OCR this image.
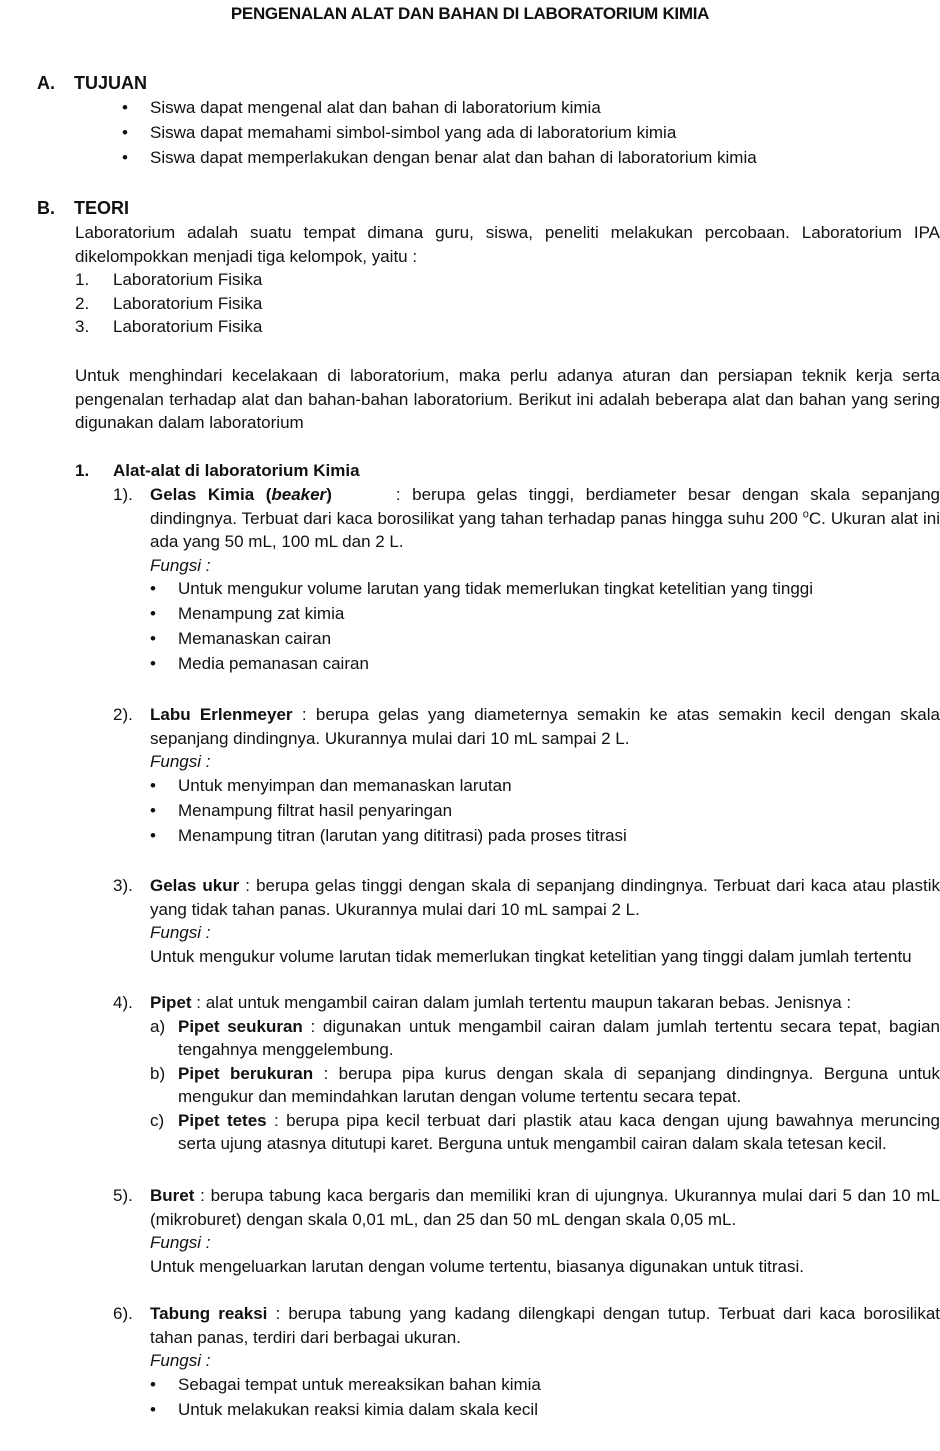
PENGENALAN ALAT DAN BAHAN DI LABORATORIUM KIMIA
A. TUJUAN

• Siswa dapat mengenal alat dan bahan di laboratorium kimia

• Siswa dapat memahami simbol-simbol yang ada di laboratorium kimia

• Siswa dapat memperlakukan dengan benar alat dan bahan di laboratorium kimia

B. TEORI

Laboratorium adalah suatu tempat dimana guru, siswa, peneliti melakukan percobaan. Laboratorium IPA dikelompokkan menjadi tiga kelompok, yaitu :

1. Laboratorium Fisika

2. Laboratorium Fisika

3. Laboratorium Fisika

Untuk menghindari kecelakaan di laboratorium, maka perlu adanya aturan dan persiapan teknik kerja serta pengenalan terhadap alat dan bahan-bahan laboratorium. Berikut ini adalah beberapa alat dan bahan yang sering digunakan dalam laboratorium
1. Alat-alat di laboratorium Kimia
1). Gelas Kimia (beaker)	: berupa gelas tinggi, berdiameter besar dengan skala sepanjang dindingnya. Terbuat dari kaca borosilikat yang tahan terhadap panas hingga suhu 200 $^o$C. Ukuran alat ini ada yang 50 mL, 100 mL dan 2 L.

Fungsi :

• Untuk mengukur volume larutan yang tidak memerlukan tingkat ketelitian yang tinggi

• Menampung zat kimia

• Memanaskan cairan

• Media pemanasan cairan

2). Labu Erlenmeyer : berupa gelas yang diameternya semakin ke atas semakin kecil dengan skala sepanjang dindingnya. Ukurannya mulai dari 10 mL sampai 2 L.

Fungsi :

• Untuk menyimpan dan memanaskan larutan

• Menampung filtrat hasil penyaringan

• Menampung titran (larutan yang dititrasi) pada proses titrasi

3). Gelas ukur : berupa gelas tinggi dengan skala di sepanjang dindingnya. Terbuat dari kaca atau plastik yang tidak tahan panas. Ukurannya mulai dari 10 mL sampai 2 L.

Fungsi :

Untuk mengukur volume larutan tidak memerlukan tingkat ketelitian yang tinggi dalam jumlah tertentu

4). Pipet : alat untuk mengambil cairan dalam jumlah tertentu maupun takaran bebas. Jenisnya :

a) Pipet seukuran : digunakan untuk mengambil cairan dalam jumlah tertentu secara tepat, bagian tengahnya menggelembung.

b) Pipet berukuran : berupa pipa kurus dengan skala di sepanjang dindingnya. Berguna untuk mengukur dan memindahkan larutan dengan volume tertentu secara tepat.

c) Pipet tetes : berupa pipa kecil terbuat dari plastik atau kaca dengan ujung bawahnya meruncing serta ujung atasnya ditutupi karet. Berguna untuk mengambil cairan dalam skala tetesan kecil.

5). Buret : berupa tabung kaca bergaris dan memiliki kran di ujungnya. Ukurannya mulai dari 5 dan 10 mL (mikroburet) dengan skala 0,01 mL, dan 25 dan 50 mL dengan skala 0,05 mL.

Fungsi :

Untuk mengeluarkan larutan dengan volume tertentu, biasanya digunakan untuk titrasi.

6). Tabung reaksi : berupa tabung yang kadang dilengkapi dengan tutup. Terbuat dari kaca borosilikat tahan panas, terdiri dari berbagai ukuran.

Fungsi :

• Sebagai tempat untuk mereaksikan bahan kimia

• Untuk melakukan reaksi kimia dalam skala kecil
